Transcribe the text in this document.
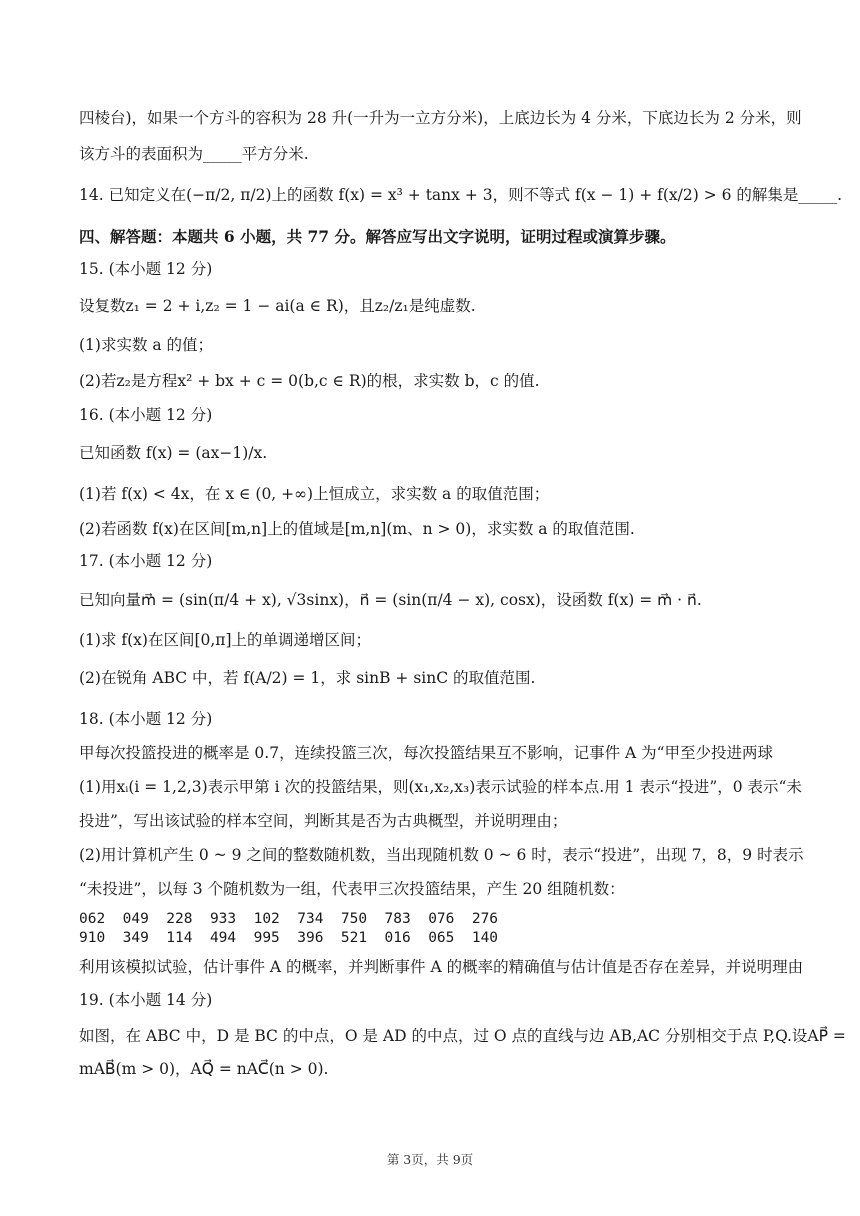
四棱台)，如果一个方斗的容积为 28 升(一升为一立方分米)，上底边长为 4 分米，下底边长为 2 分米，则
该方斗的表面积为_____平方分米.
14. 已知定义在(−π/2, π/2)上的函数 f(x) = x³ + tanx + 3，则不等式 f(x − 1) + f(x/2) > 6 的解集是_____.
四、解答题：本题共 6 小题，共 77 分。解答应写出文字说明，证明过程或演算步骤。
15. (本小题 12 分)
设复数z₁ = 2 + i,z₂ = 1 − ai(a ∈ R)，且z₂/z₁是纯虚数.
(1)求实数 a 的值；
(2)若z₂是方程x² + bx + c = 0(b,c ∈ R)的根，求实数 b，c 的值.
16. (本小题 12 分)
已知函数 f(x) = (ax−1)/x.
(1)若 f(x) < 4x，在 x ∈ (0, +∞)上恒成立，求实数 a 的取值范围；
(2)若函数 f(x)在区间[m,n]上的值域是[m,n](m、n > 0)，求实数 a 的取值范围.
17. (本小题 12 分)
已知向量m⃗ = (sin(π/4 + x), √3sinx)，n⃗ = (sin(π/4 − x), cosx)，设函数 f(x) = m⃗ · n⃗.
(1)求 f(x)在区间[0,π]上的单调递增区间；
(2)在锐角 ABC 中，若 f(A/2) = 1，求 sinB + sinC 的取值范围.
18. (本小题 12 分)
甲每次投篮投进的概率是 0.7，连续投篮三次，每次投篮结果互不影响，记事件 A 为“甲至少投进两球
(1)用xᵢ(i = 1,2,3)表示甲第 i 次的投篮结果，则(x₁,x₂,x₃)表示试验的样本点.用 1 表示“投进”，0 表示“未
投进”，写出该试验的样本空间，判断其是否为古典概型，并说明理由；
(2)用计算机产生 0 ~ 9 之间的整数随机数，当出现随机数 0 ~ 6 时，表示“投进”，出现 7，8，9 时表示
“未投进”，以每 3 个随机数为一组，代表甲三次投篮结果，产生 20 组随机数：
062  049  228  933  102  734  750  783  076  276
910  349  114  494  995  396  521  016  065  140
利用该模拟试验，估计事件 A 的概率，并判断事件 A 的概率的精确值与估计值是否存在差异，并说明理由
19. (本小题 14 分)
如图，在 ABC 中，D 是 BC 的中点，O 是 AD 的中点，过 O 点的直线与边 AB,AC 分别相交于点 P,Q.设AP⃗ =
mAB⃗(m > 0)，AQ⃗ = nAC⃗(n > 0).
第 3页，共 9页
